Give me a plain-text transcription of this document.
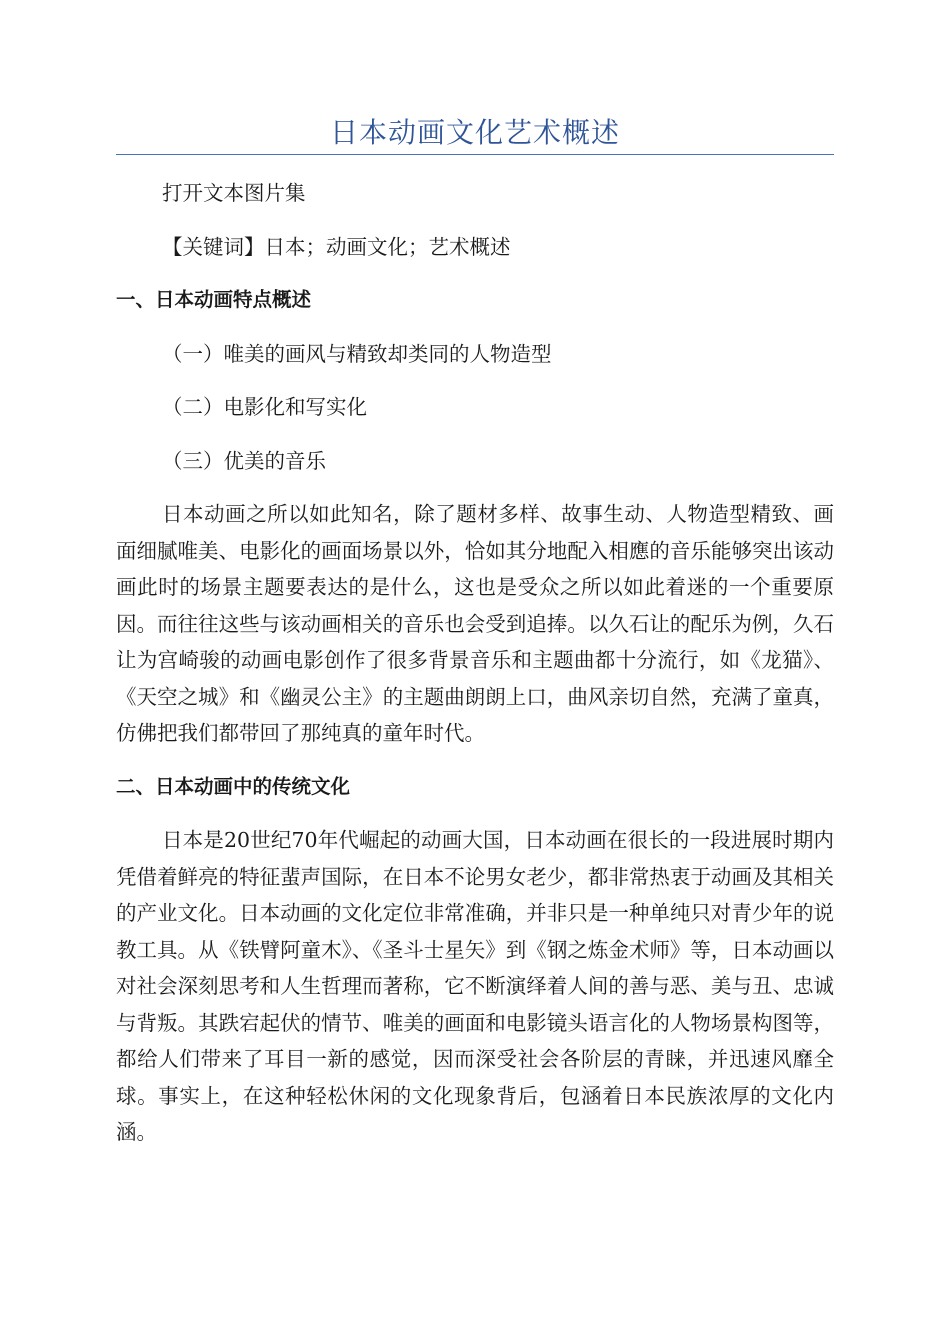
日本动画文化艺术概述

打开文本图片集

【关键词】日本；动画文化；艺术概述

一、日本动画特点概述

（一）唯美的画风与精致却类同的人物造型

（二）电影化和写实化

（三）优美的音乐

日本动画之所以如此知名，除了题材多样、故事生动、人物造型精致、画面细腻唯美、电影化的画面场景以外，恰如其分地配入相應的音乐能够突出该动画此时的场景主题要表达的是什么，这也是受众之所以如此着迷的一个重要原因。而往往这些与该动画相关的音乐也会受到追捧。以久石让的配乐为例，久石让为宫崎骏的动画电影创作了很多背景音乐和主题曲都十分流行，如《龙猫》、《天空之城》和《幽灵公主》的主题曲朗朗上口，曲风亲切自然，充满了童真，仿佛把我们都带回了那纯真的童年时代。

二、日本动画中的传统文化

日本是20世纪70年代崛起的动画大国，日本动画在很长的一段进展时期内凭借着鲜亮的特征蜚声国际，在日本不论男女老少，都非常热衷于动画及其相关的产业文化。日本动画的文化定位非常准确，并非只是一种单纯只对青少年的说教工具。从《铁臂阿童木》、《圣斗士星矢》到《钢之炼金术师》等，日本动画以对社会深刻思考和人生哲理而著称，它不断演绎着人间的善与恶、美与丑、忠诚与背叛。其跌宕起伏的情节、唯美的画面和电影镜头语言化的人物场景构图等，都给人们带来了耳目一新的感觉，因而深受社会各阶层的青睐，并迅速风靡全球。事实上，在这种轻松休闲的文化现象背后，包涵着日本民族浓厚的文化内涵。
